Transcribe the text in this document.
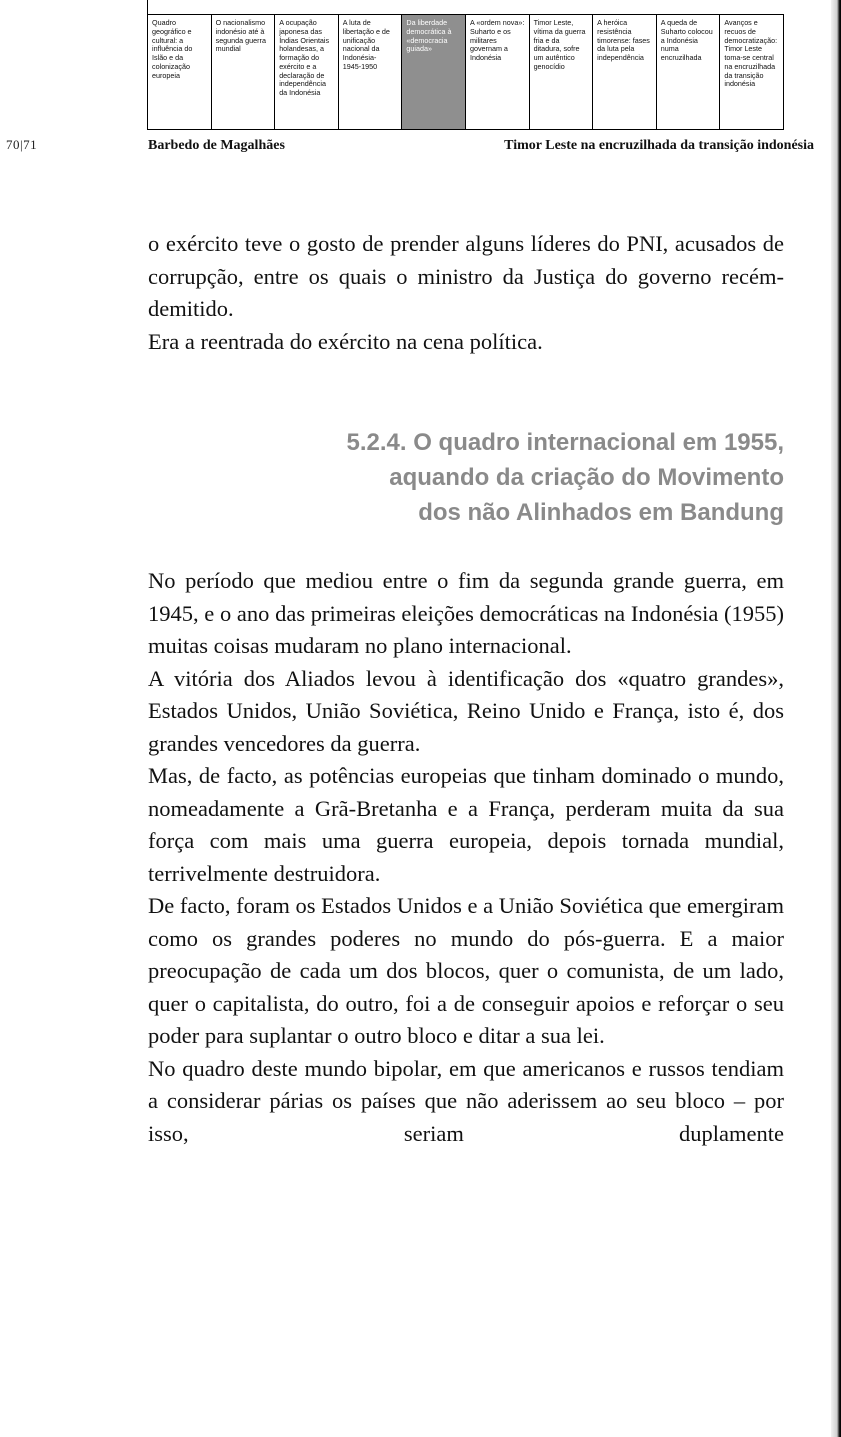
Quadro
geográfico e
cultural: a
influência do
Islão e da
colonização
europeia
O nacionalismo
indonésio até à
segunda guerra
mundial
A ocupação
japonesa das
Índias Orientais
holandesas, a
formação do
exército e a
declaração de
independência
da Indonésia
A luta de
libertação e de
unificação
nacional da
Indonésia-
1945-1950
Da liberdade
democrática à
«democracia
guiada»
A «ordem nova»:
Suharto e os
militares
governam a
Indonésia
Timor Leste,
vítima da guerra
fria e da
ditadura, sofre
um autêntico
genocídio
A heróica
resistência
timorense: fases
da luta pela
independência
A queda de
Suharto colocou
a Indonésia
numa
encruzilhada
Avanços e
recuos de
democratização:
Timor Leste
toma-se central
na encruzilhada
da transição
indonésia
70|71	Barbedo de Magalhães	Timor Leste na encruzilhada da transição indonésia

o exército teve o gosto de prender alguns líderes do PNI, acusados de corrupção, entre os quais o ministro da Justiça do governo recém-demitido.

Era a reentrada do exército na cena política.

5.2.4. O quadro internacional em 1955,
aquando da criação do Movimento
dos não Alinhados em Bandung

No período que mediou entre o fim da segunda grande guerra, em 1945, e o ano das primeiras eleições democráticas na Indonésia (1955) muitas coisas mudaram no plano internacional.

A vitória dos Aliados levou à identificação dos «quatro grandes», Estados Unidos, União Soviética, Reino Unido e França, isto é, dos grandes vencedores da guerra.

Mas, de facto, as potências europeias que tinham dominado o mundo, nomeadamente a Grã-Bretanha e a França, perderam muita da sua força com mais uma guerra europeia, depois tornada mundial, terrivelmente destruidora.

De facto, foram os Estados Unidos e a União Soviética que emergiram como os grandes poderes no mundo do pós-guerra. E a maior preocupação de cada um dos blocos, quer o comunista, de um lado, quer o capitalista, do outro, foi a de conseguir apoios e reforçar o seu poder para suplantar o outro bloco e ditar a sua lei.

No quadro deste mundo bipolar, em que americanos e russos tendiam a considerar párias os países que não aderissem ao seu bloco – por isso, seriam duplamente
